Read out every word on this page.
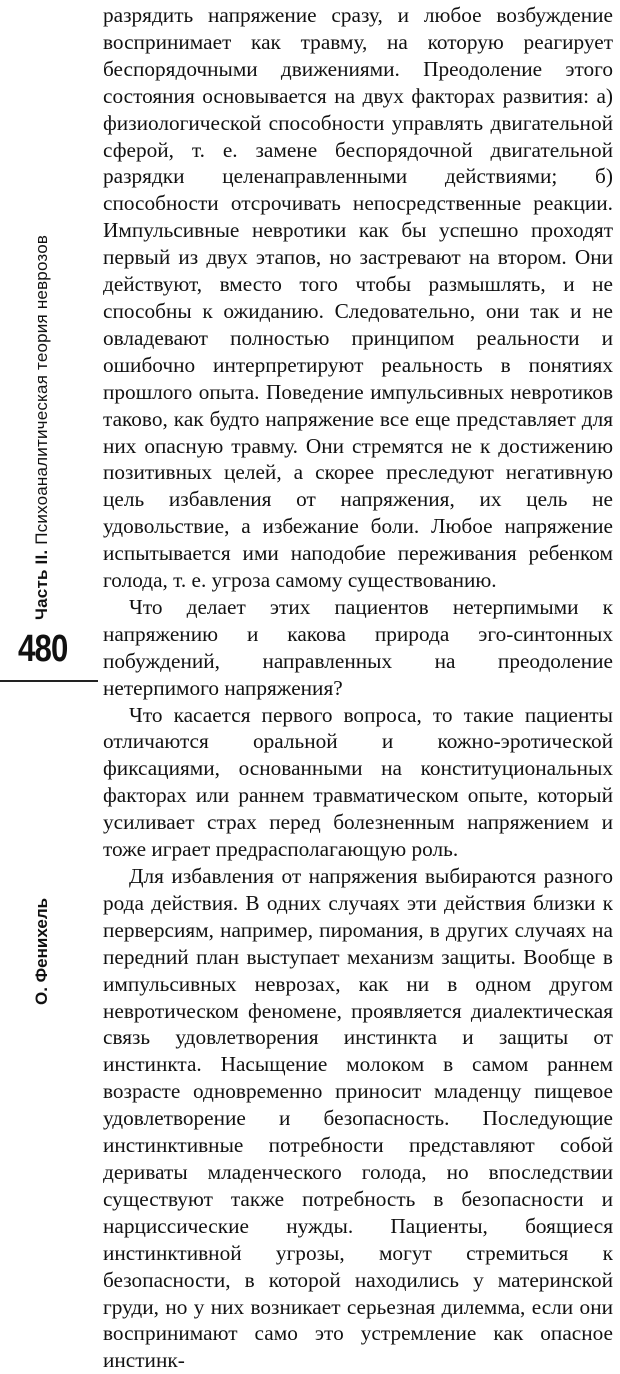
Часть II. Психоаналитическая теория неврозов
480
О. Фенихель

разрядить напряжение сразу, и любое возбуждение воспринимает как травму, на которую реагирует беспорядочными движениями. Преодоление этого состояния основывается на двух факторах развития: а) физиологической способности управлять двигательной сферой, т. е. замене беспорядочной двигательной разрядки целенаправленными действиями; б) способности отсрочивать непосредственные реакции. Импульсивные невротики как бы успешно проходят первый из двух этапов, но застревают на втором. Они действуют, вместо того чтобы размышлять, и не способны к ожиданию. Следовательно, они так и не овладевают полностью принципом реальности и ошибочно интерпретируют реальность в понятиях прошлого опыта. Поведение импульсивных невротиков таково, как будто напряжение все еще представляет для них опасную травму. Они стремятся не к достижению позитивных целей, а скорее преследуют негативную цель избавления от напряжения, их цель не удовольствие, а избежание боли. Любое напряжение испытывается ими наподобие переживания ребенком голода, т. е. угроза самому существованию.

Что делает этих пациентов нетерпимыми к напряжению и какова природа эго-синтонных побуждений, направленных на преодоление нетерпимого напряжения?

Что касается первого вопроса, то такие пациенты отличаются оральной и кожно-эротической фиксациями, основанными на конституциональных факторах или раннем травматическом опыте, который усиливает страх перед болезненным напряжением и тоже играет предрасполагающую роль.

Для избавления от напряжения выбираются разного рода действия. В одних случаях эти действия близки к перверсиям, например, пиромания, в других случаях на передний план выступает механизм защиты. Вообще в импульсивных неврозах, как ни в одном другом невротическом феномене, проявляется диалектическая связь удовлетворения инстинкта и защиты от инстинкта. Насыщение молоком в самом раннем возрасте одновременно приносит младенцу пищевое удовлетворение и безопасность. Последующие инстинктивные потребности представляют собой дериваты младенческого голода, но впоследствии существуют также потребность в безопасности и нарциссические нужды. Пациенты, боящиеся инстинктивной угрозы, могут стремиться к безопасности, в которой находились у материнской груди, но у них возникает серьезная дилемма, если они воспринимают само это устремление как опасное инстинк-
